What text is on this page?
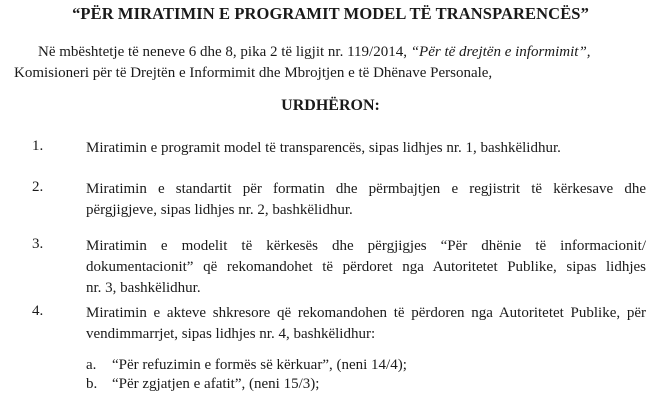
“PËR MIRATIMIN E PROGRAMIT MODEL TË TRANSPARENCËS”
Në mbështetje të neneve 6 dhe 8, pika 2 të ligjit nr. 119/2014, “Për të drejtën e informimit”,
Komisioneri për të Drejtën e Informimit dhe Mbrojtjen e të Dhënave Personale,
URDHËRON:
1.	Miratimin e programit model të transparencës, sipas lidhjes nr. 1, bashkëlidhur.
2.	Miratimin e standartit për formatin dhe përmbajtjen e regjistrit të kërkesave dhe
përgjigjeve, sipas lidhjes nr. 2, bashkëlidhur.
3.	Miratimin e modelit të kërkesës dhe përgjigjes “Për dhënie të informacionit/
dokumentacionit” që rekomandohet të përdoret nga Autoritetet Publike, sipas lidhjes
nr. 3, bashkëlidhur.
4.	Miratimin e akteve shkresore që rekomandohen të përdoren nga Autoritetet Publike, për
vendimmarrjet, sipas lidhjes nr. 4, bashkëlidhur:
a. “Për refuzimin e formës së kërkuar”, (neni 14/4);
b. “Për zgjatjen e afatit”, (neni 15/3);
